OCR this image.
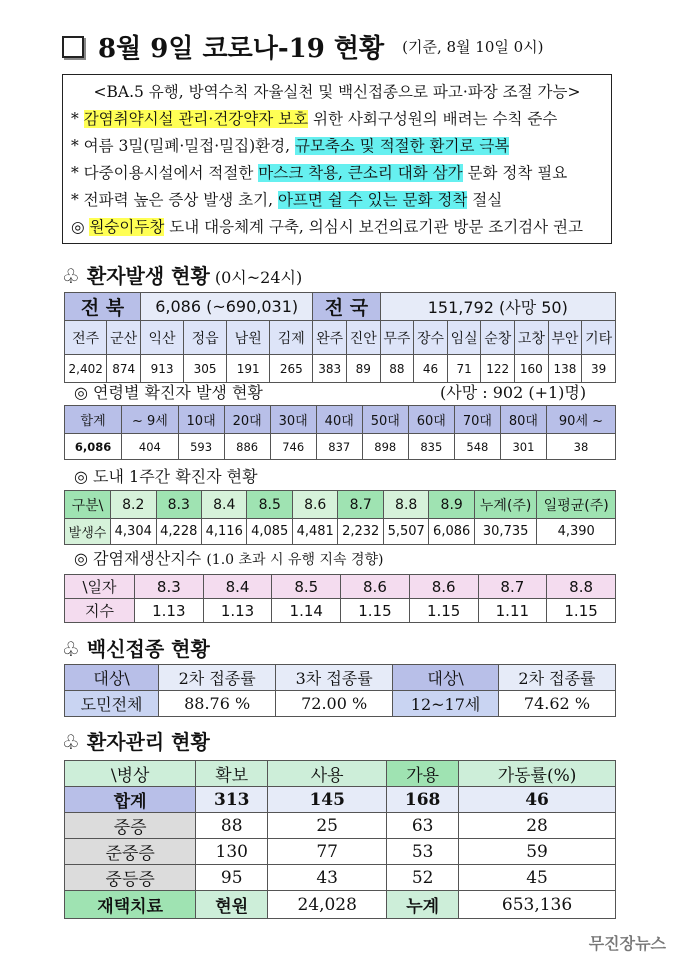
8월 9일 코로나-19 현황 (기준, 8월 10일 0시)
<BA.5 유행, 방역수칙 자율실천 및 백신접종으로 파고·파장 조절 가능>
* 감염취약시설 관리·건강약자 보호 위한 사회구성원의 배려는 수칙 준수
* 여름 3밀(밀폐·밀접·밀집)환경, 규모축소 및 적절한 환기로 극복
* 다중이용시설에서 적절한 마스크 착용, 큰소리 대화 삼가 문화 정착 필요
* 전파력 높은 증상 발생 초기, 아프면 쉴 수 있는 문화 정착 절실
◎ 원숭이두창 도내 대응체계 구축, 의심시 보건의료기관 방문 조기검사 권고
♧ 환자발생 현황 (0시~24시)
전 북		6,086 (~690,031)				전 국		151,792 (사망 50)						
전주	군산	익산	정읍	남원	김제	완주	진안	무주	장수	임실	순창	고창	부안	기타
2,402	874	913	305	191	265	383	89	88	46	71	122	160	138	39
◎ 연령별 확진자 발생 현황	(사망 : 902 (+1)명)
합계	~ 9세	10대	20대	30대	40대	50대	60대	70대	80대	90세 ~
6,086	404	593	886	746	837	898	835	548	301	38
◎ 도내 1주간 확진자 현황
구분\	8.2	8.3	8.4	8.5	8.6	8.7	8.8	8.9	누계(주)	일평균(주)
발생수	4,304	4,228	4,116	4,085	4,481	2,232	5,507	6,086	30,735	4,390
◎ 감염재생산지수 (1.0 초과 시 유행 지속 경향)
\일자	8.3	8.4	8.5	8.6	8.6	8.7	8.8
지수	1.13	1.13	1.14	1.15	1.15	1.11	1.15
♧ 백신접종 현황
대상\	2차 접종률	3차 접종률	대상\	2차 접종률
도민전체	88.76 %	72.00 %	12~17세	74.62 %
♧ 환자관리 현황
\병상	확보	사용	가용	가동률(%)
합계	313	145	168	46
중증	88	25	63	28
준중증	130	77	53	59
중등증	95	43	52	45
재택치료	현원	24,028	누계	653,136
무진장뉴스
